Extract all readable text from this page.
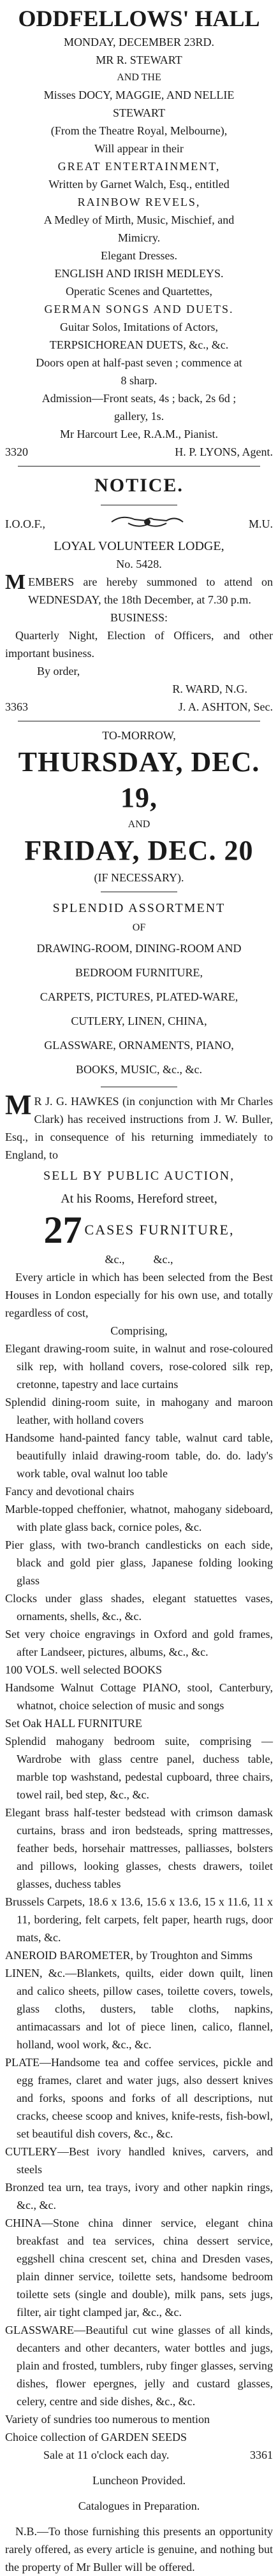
ODDFELLOWS' HALL
MONDAY, DECEMBER 23RD.
MR R. STEWART
AND THE
Misses DOCY, MAGGIE, AND NELLIE
STEWART
(From the Theatre Royal, Melbourne),
Will appear in their
GREAT ENTERTAINMENT,
Written by Garnet Walch, Esq., entitled
RAINBOW REVELS,
A Medley of Mirth, Music, Mischief, and
Mimicry.
Elegant Dresses.
ENGLISH AND IRISH MEDLEYS.
Operatic Scenes and Quartettes,
GERMAN SONGS AND DUETS.
Guitar Solos, Imitations of Actors,
TERPSICHOREAN DUETS, &c., &c.
Doors open at half-past seven ; commence at
8 sharp.
Admission—Front seats, 4s ; back, 2s 6d ;
gallery, 1s.
Mr Harcourt Lee, R.A.M., Pianist.
3320	H. P. LYONS, Agent.
NOTICE.
I.O.O.F.,	M.U.
LOYAL VOLUNTEER LODGE,
No. 5428.
MEMBERS are hereby summoned to attend on WEDNESDAY, the 18th December, at 7.30 p.m.
BUSINESS:
Quarterly Night, Election of Officers, and other important business.
By order,
R. WARD, N.G.
3363	J. A. ASHTON, Sec.
TO-MORROW,
THURSDAY, DEC. 19,
AND
FRIDAY, DEC. 20
(IF NECESSARY).
SPLENDID ASSORTMENT
OF
DRAWING-ROOM, DINING-ROOM AND
BEDROOM FURNITURE,
CARPETS, PICTURES, PLATED-WARE,
CUTLERY, LINEN, CHINA,
GLASSWARE, ORNAMENTS, PIANO,
BOOKS, MUSIC, &c., &c.
M R J. G. HAWKES (in conjunction with Mr Charles Clark) has received instructions from J. W. Buller, Esq., in consequence of his returning immediately to England, to
SELL BY PUBLIC AUCTION,
At his Rooms, Hereford street,
27 CASES FURNITURE,
&c.,          &c.,
Every article in which has been selected from the Best Houses in London especially for his own use, and totally regardless of cost,
Comprising,
Elegant drawing-room suite, in walnut and rose-coloured silk rep, with holland covers, rose-colored silk rep, cretonne, tapestry and lace curtains
Splendid dining-room suite, in mahogany and maroon leather, with holland covers
Handsome hand-painted fancy table, walnut card table, beautifully inlaid drawing-room table, do. do. lady's work table, oval walnut loo table
Fancy and devotional chairs
Marble-topped cheffonier, whatnot, mahogany sideboard, with plate glass back, cornice poles, &c.
Pier glass, with two-branch candlesticks on each side, black and gold pier glass, Japanese folding looking glass
Clocks under glass shades, elegant statuettes vases, ornaments, shells, &c., &c.
Set very choice engravings in Oxford and gold frames, after Landseer, pictures, albums, &c., &c.
100 VOLS. well selected BOOKS
Handsome Walnut Cottage PIANO, stool, Canterbury, whatnot, choice selection of music and songs
Set Oak HALL FURNITURE
Splendid mahogany bedroom suite, comprising — Wardrobe with glass centre panel, duchess table, marble top washstand, pedestal cupboard, three chairs, towel rail, bed step, &c., &c.
Elegant brass half-tester bedstead with crimson damask curtains, brass and iron bedsteads, spring mattresses, feather beds, horsehair mattresses, palliasses, bolsters and pillows, looking glasses, chests drawers, toilet glasses, duchess tables
Brussels Carpets, 18.6 x 13.6, 15.6 x 13.6, 15 x 11.6, 11 x 11, bordering, felt carpets, felt paper, hearth rugs, door mats, &c.
ANEROID BAROMETER, by Troughton and Simms
LINEN, &c.—Blankets, quilts, eider down quilt, linen and calico sheets, pillow cases, toilette covers, towels, glass cloths, dusters, table cloths, napkins, antimacassars and lot of piece linen, calico, flannel, holland, wool work, &c., &c.
PLATE—Handsome tea and coffee services, pickle and egg frames, claret and water jugs, also dessert knives and forks, spoons and forks of all descriptions, nut cracks, cheese scoop and knives, knife-rests, fish-bowl, set beautiful dish covers, &c., &c.
CUTLERY—Best ivory handled knives, carvers, and steels
Bronzed tea urn, tea trays, ivory and other napkin rings, &c., &c.
CHINA—Stone china dinner service, elegant china breakfast and tea services, china dessert service, eggshell china crescent set, china and Dresden vases, plain dinner service, toilette sets, handsome bedroom toilette sets (single and double), milk pans, sets jugs, filter, air tight clamped jar, &c., &c.
GLASSWARE—Beautiful cut wine glasses of all kinds, decanters and other decanters, water bottles and jugs, plain and frosted, tumblers, ruby finger glasses, serving dishes, flower epergnes, jelly and custard glasses, celery, centre and side dishes, &c., &c.
Variety of sundries too numerous to mention
Choice collection of GARDEN SEEDS
Sale at 11 o'clock each day.	3361
Luncheon Provided.
Catalogues in Preparation.
N.B.—To those furnishing this presents an opportunity rarely offered, as every article is genuine, and nothing but the property of Mr Buller will be offered.
